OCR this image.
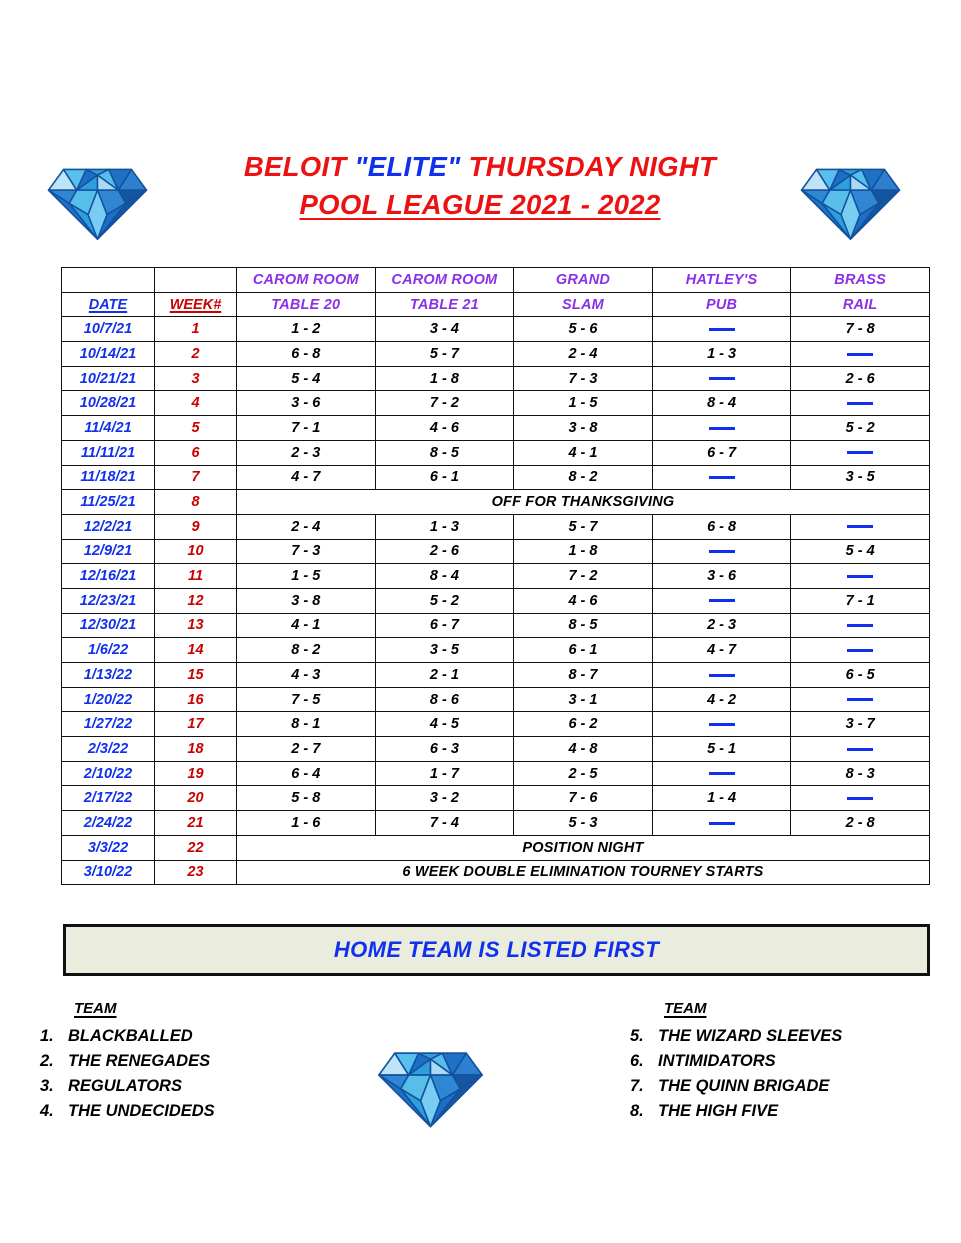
BELOIT "ELITE" THURSDAY NIGHT
POOL LEAGUE 2021 - 2022
		CAROM ROOM	CAROM ROOM	GRAND	HATLEY'S	BRASS
DATE	WEEK#	TABLE 20	TABLE 21	SLAM	PUB	RAIL
10/7/21	1	1 - 2	3 - 4	5 - 6		7 - 8
10/14/21	2	6 - 8	5 - 7	2 - 4	1 - 3	
10/21/21	3	5 - 4	1 - 8	7 - 3		2 - 6
10/28/21	4	3 - 6	7 - 2	1 - 5	8 - 4	
11/4/21	5	7 - 1	4 - 6	3 - 8		5 - 2
11/11/21	6	2 - 3	8 - 5	4 - 1	6 - 7	
11/18/21	7	4 - 7	6 - 1	8 - 2		3 - 5
11/25/21	8	OFF FOR THANKSGIVING				
12/2/21	9	2 - 4	1 - 3	5 - 7	6 - 8	
12/9/21	10	7 - 3	2 - 6	1 - 8		5 - 4
12/16/21	11	1 - 5	8 - 4	7 - 2	3 - 6	
12/23/21	12	3 - 8	5 - 2	4 - 6		7 - 1
12/30/21	13	4 - 1	6 - 7	8 - 5	2 - 3	
1/6/22	14	8 - 2	3 - 5	6 - 1	4 - 7	
1/13/22	15	4 - 3	2 - 1	8 - 7		6 - 5
1/20/22	16	7 - 5	8 - 6	3 - 1	4 - 2	
1/27/22	17	8 - 1	4 - 5	6 - 2		3 - 7
2/3/22	18	2 - 7	6 - 3	4 - 8	5 - 1	
2/10/22	19	6 - 4	1 - 7	2 - 5		8 - 3
2/17/22	20	5 - 8	3 - 2	7 - 6	1 - 4	
2/24/22	21	1 - 6	7 - 4	5 - 3		2 - 8
3/3/22	22	POSITION NIGHT				
3/10/22	23	6 WEEK DOUBLE ELIMINATION TOURNEY STARTS				
HOME TEAM IS LISTED FIRST
TEAM
1. BLACKBALLED
2. THE RENEGADES
3. REGULATORS
4. THE UNDECIDEDS
TEAM
5. THE WIZARD SLEEVES
6. INTIMIDATORS
7. THE QUINN BRIGADE
8. THE HIGH FIVE
